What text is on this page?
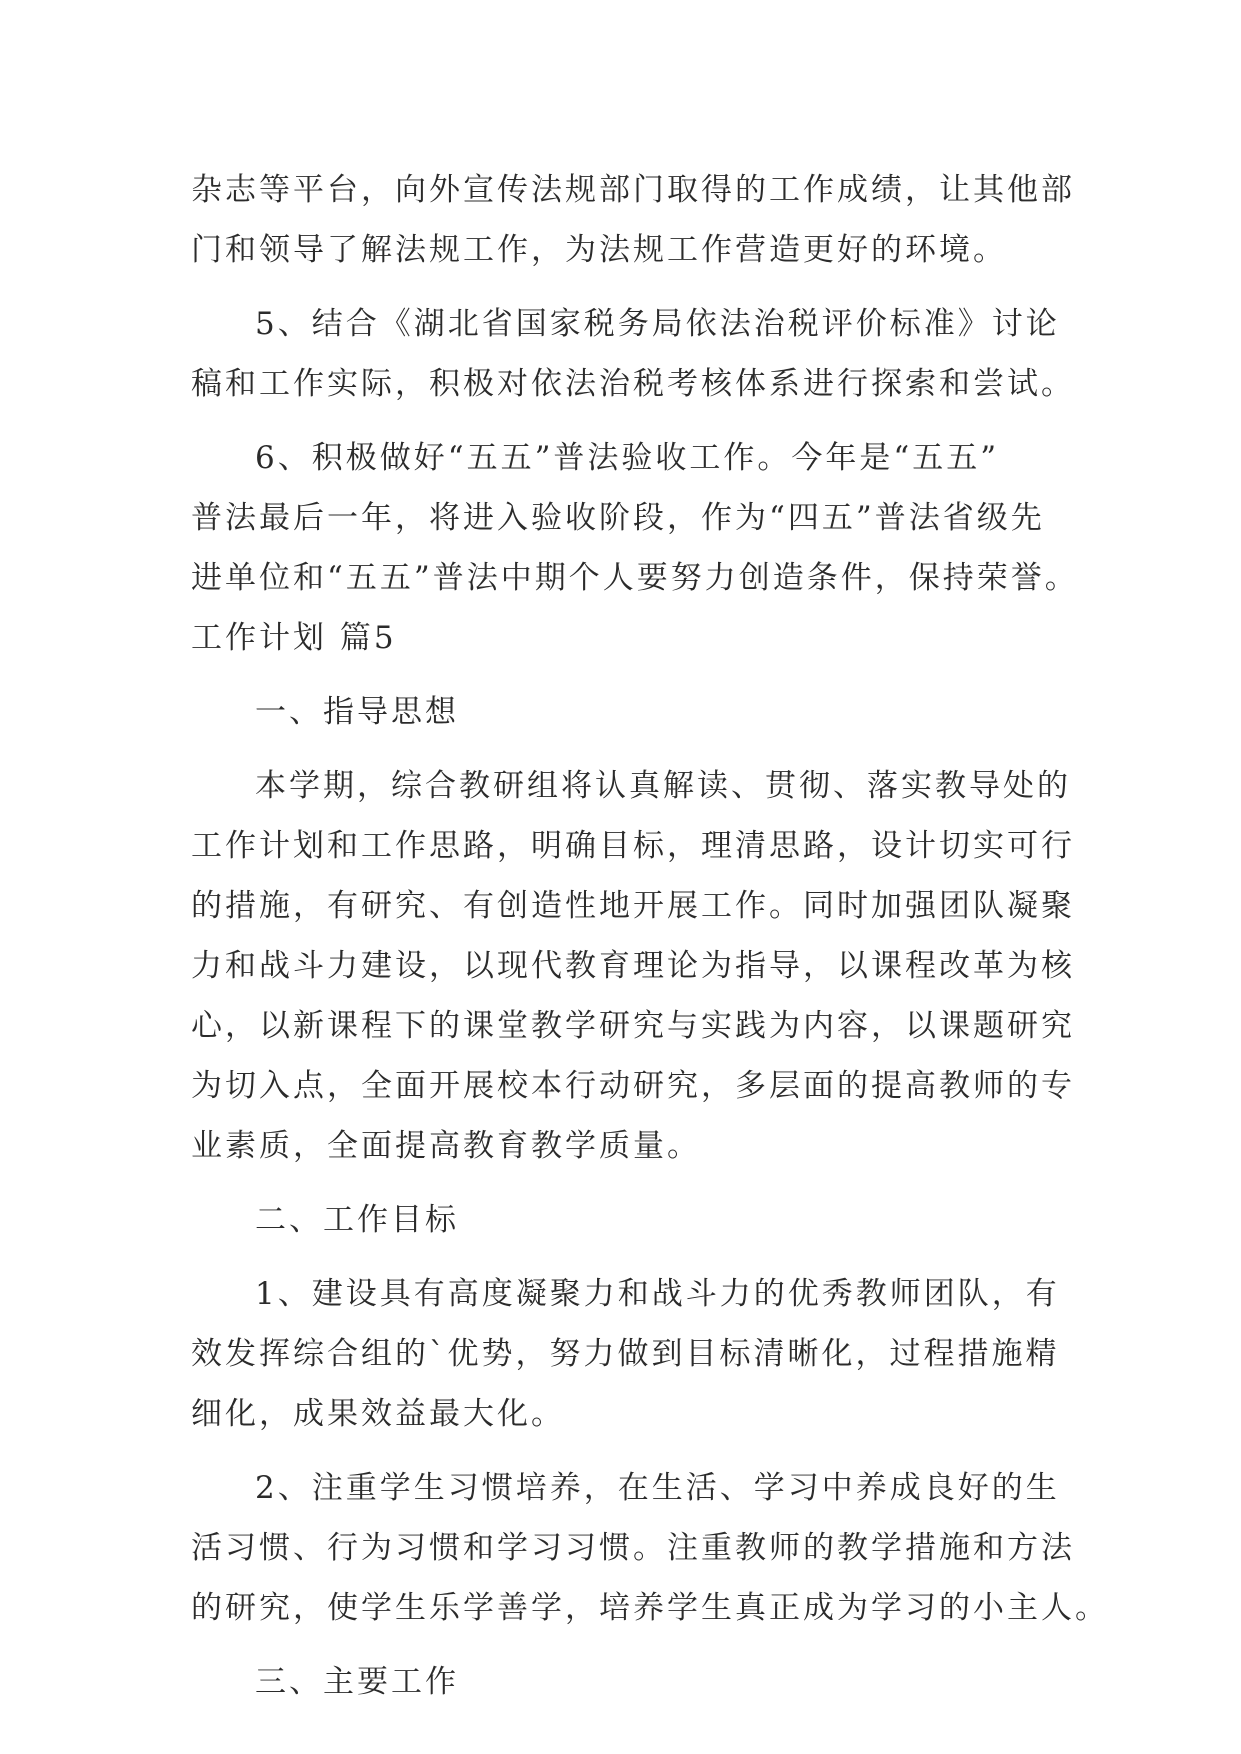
杂志等平台，向外宣传法规部门取得的工作成绩，让其他部
门和领导了解法规工作，为法规工作营造更好的环境。
5、结合《湖北省国家税务局依法治税评价标准》讨论
稿和工作实际，积极对依法治税考核体系进行探索和尝试。
6、积极做好“五五”普法验收工作。今年是“五五”
普法最后一年，将进入验收阶段，作为“四五”普法省级先
进单位和“五五”普法中期个人要努力创造条件，保持荣誉。
工作计划 篇5
一、指导思想
本学期，综合教研组将认真解读、贯彻、落实教导处的
工作计划和工作思路，明确目标，理清思路，设计切实可行
的措施，有研究、有创造性地开展工作。同时加强团队凝聚
力和战斗力建设，以现代教育理论为指导，以课程改革为核
心，以新课程下的课堂教学研究与实践为内容，以课题研究
为切入点，全面开展校本行动研究，多层面的提高教师的专
业素质，全面提高教育教学质量。
二、工作目标
1、建设具有高度凝聚力和战斗力的优秀教师团队，有
效发挥综合组的`优势，努力做到目标清晰化，过程措施精
细化，成果效益最大化。
2、注重学生习惯培养，在生活、学习中养成良好的生
活习惯、行为习惯和学习习惯。注重教师的教学措施和方法
的研究，使学生乐学善学，培养学生真正成为学习的小主人。
三、主要工作
